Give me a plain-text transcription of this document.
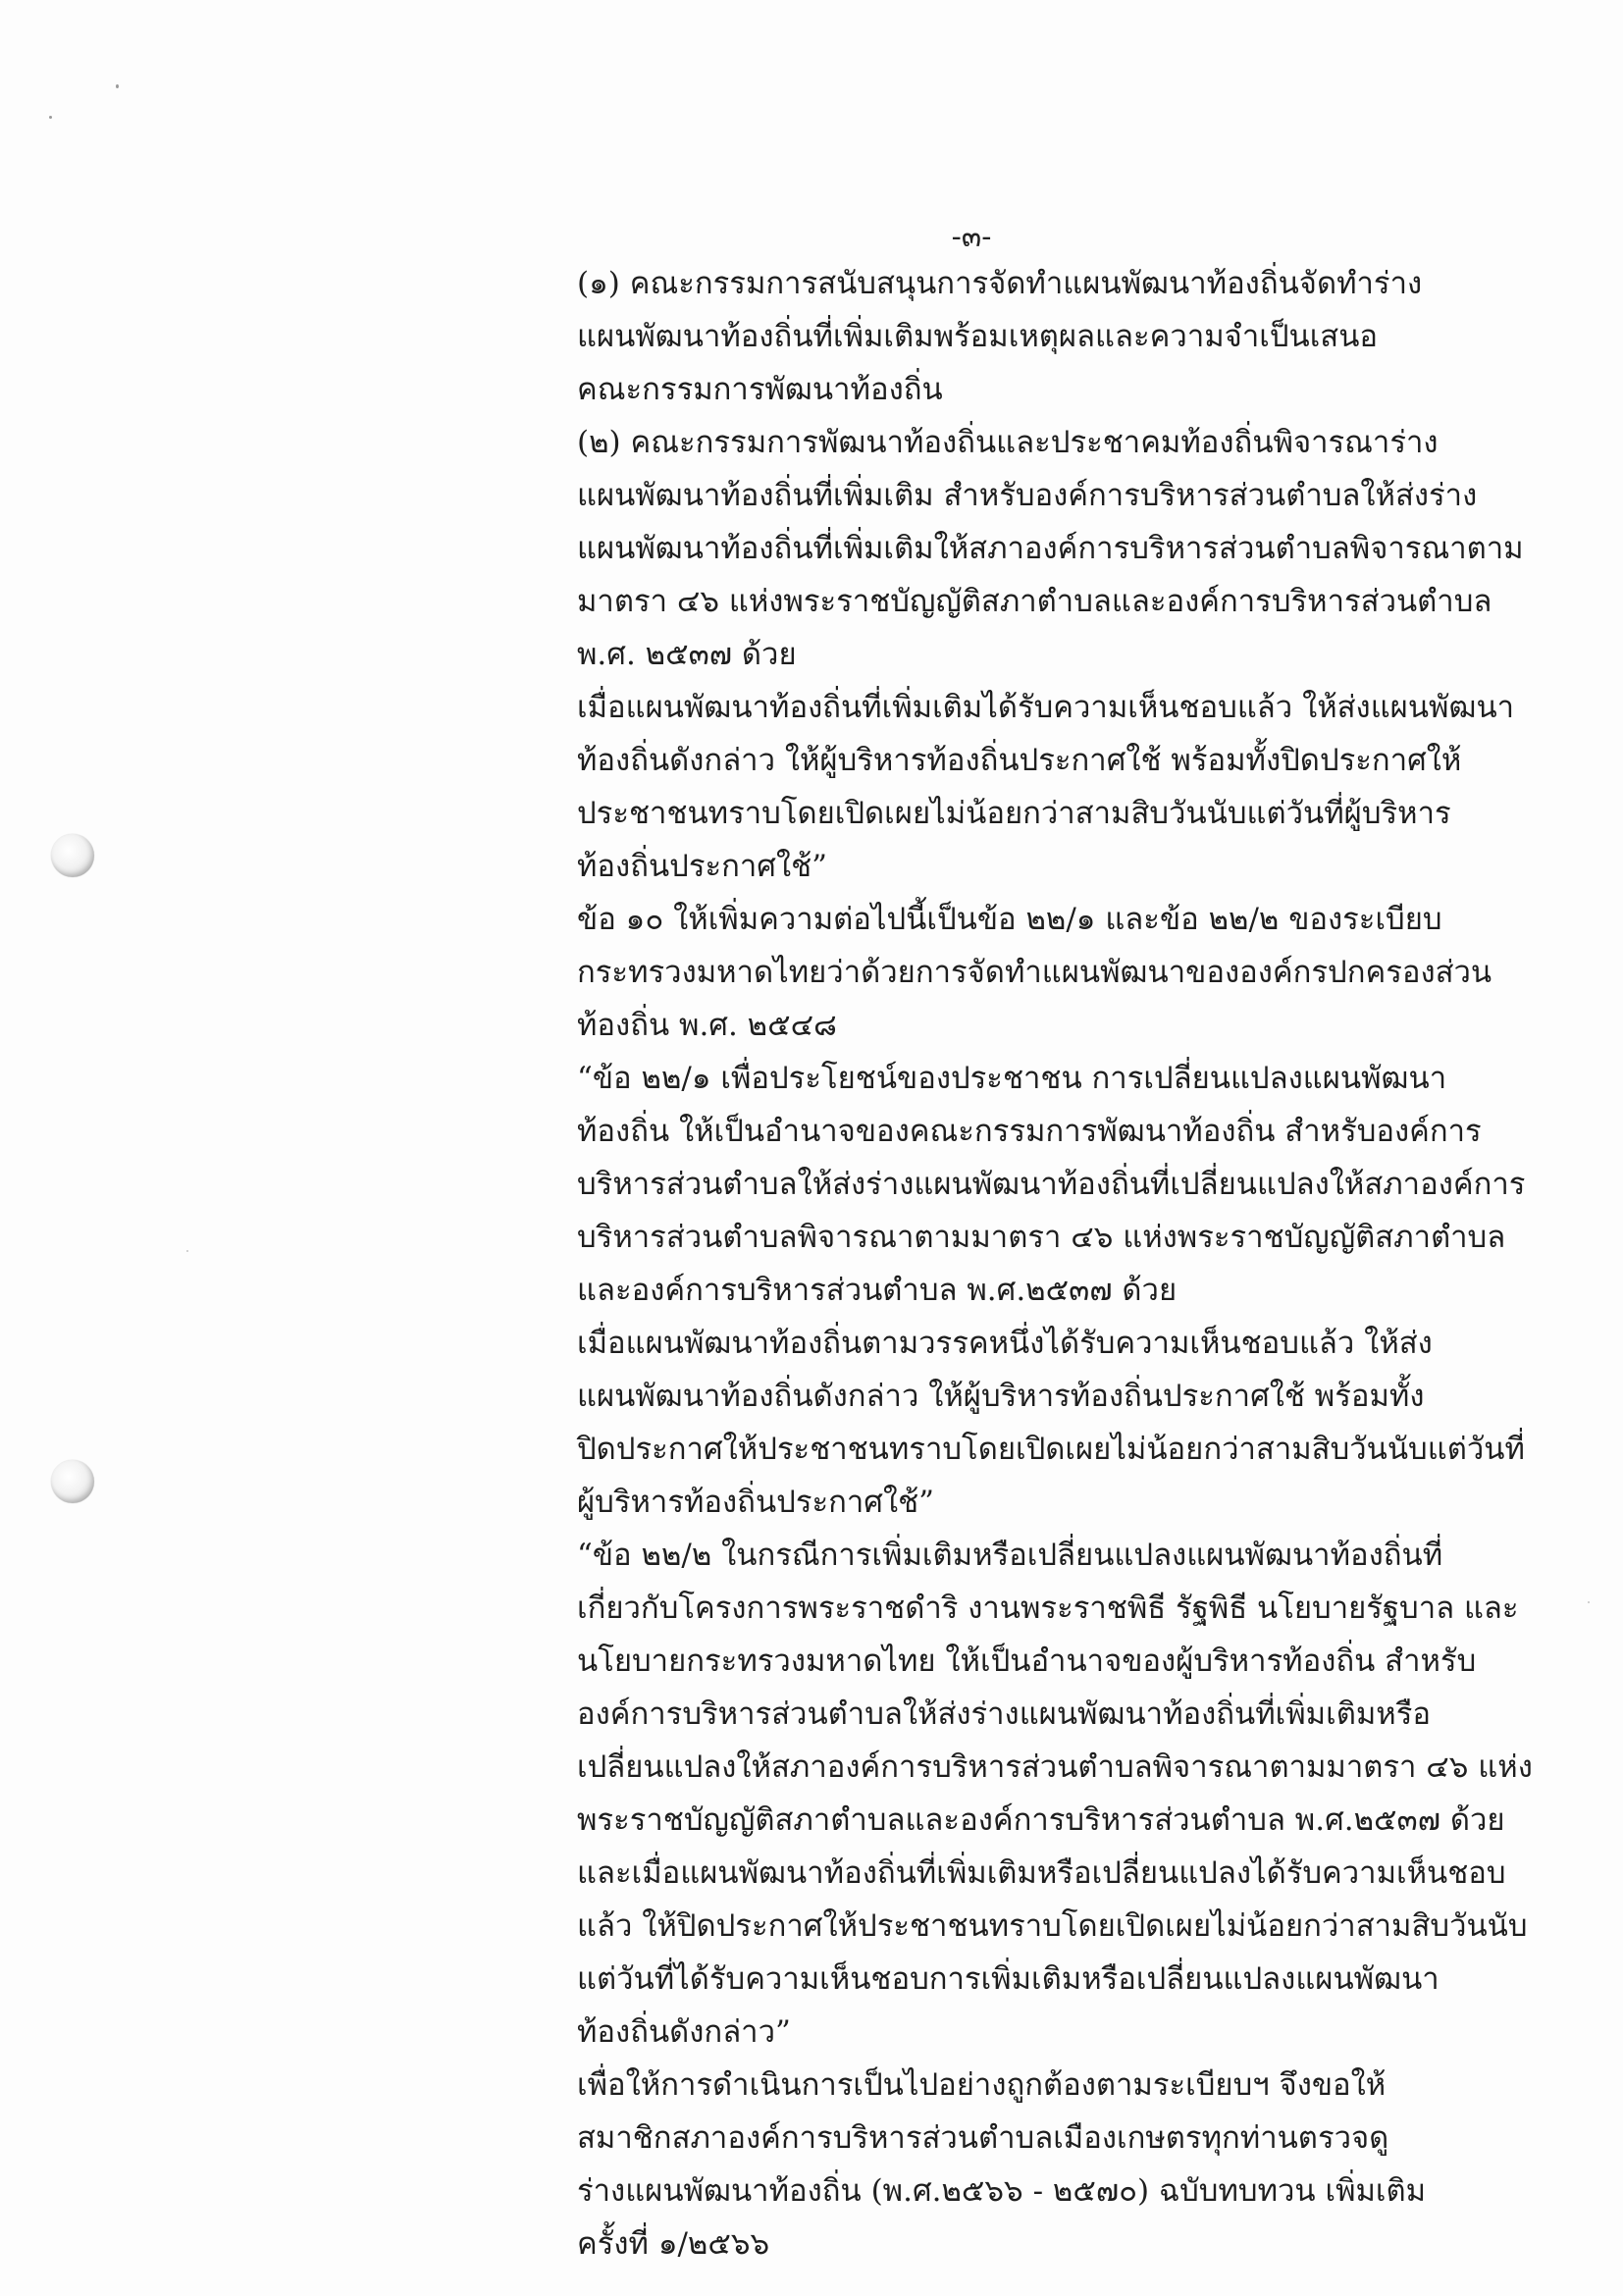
-๓-
(๑) คณะกรรมการสนับสนุนการจัดทำแผนพัฒนาท้องถิ่นจัดทำร่าง
แผนพัฒนาท้องถิ่นที่เพิ่มเติมพร้อมเหตุผลและความจำเป็นเสนอ
คณะกรรมการพัฒนาท้องถิ่น
(๒) คณะกรรมการพัฒนาท้องถิ่นและประชาคมท้องถิ่นพิจารณาร่าง
แผนพัฒนาท้องถิ่นที่เพิ่มเติม สำหรับองค์การบริหารส่วนตำบลให้ส่งร่าง
แผนพัฒนาท้องถิ่นที่เพิ่มเติมให้สภาองค์การบริหารส่วนตำบลพิจารณาตาม
มาตรา ๔๖ แห่งพระราชบัญญัติสภาตำบลและองค์การบริหารส่วนตำบล
พ.ศ. ๒๕๓๗ ด้วย
เมื่อแผนพัฒนาท้องถิ่นที่เพิ่มเติมได้รับความเห็นชอบแล้ว ให้ส่งแผนพัฒนา
ท้องถิ่นดังกล่าว ให้ผู้บริหารท้องถิ่นประกาศใช้ พร้อมทั้งปิดประกาศให้
ประชาชนทราบโดยเปิดเผยไม่น้อยกว่าสามสิบวันนับแต่วันที่ผู้บริหาร
ท้องถิ่นประกาศใช้”
ข้อ ๑๐ ให้เพิ่มความต่อไปนี้เป็นข้อ ๒๒/๑ และข้อ ๒๒/๒ ของระเบียบ
กระทรวงมหาดไทยว่าด้วยการจัดทำแผนพัฒนาขององค์กรปกครองส่วน
ท้องถิ่น พ.ศ. ๒๕๔๘
“ข้อ ๒๒/๑ เพื่อประโยชน์ของประชาชน การเปลี่ยนแปลงแผนพัฒนา
ท้องถิ่น ให้เป็นอำนาจของคณะกรรมการพัฒนาท้องถิ่น สำหรับองค์การ
บริหารส่วนตำบลให้ส่งร่างแผนพัฒนาท้องถิ่นที่เปลี่ยนแปลงให้สภาองค์การ
บริหารส่วนตำบลพิจารณาตามมาตรา ๔๖ แห่งพระราชบัญญัติสภาตำบล
และองค์การบริหารส่วนตำบล พ.ศ.๒๕๓๗ ด้วย
เมื่อแผนพัฒนาท้องถิ่นตามวรรคหนึ่งได้รับความเห็นชอบแล้ว ให้ส่ง
แผนพัฒนาท้องถิ่นดังกล่าว ให้ผู้บริหารท้องถิ่นประกาศใช้ พร้อมทั้ง
ปิดประกาศให้ประชาชนทราบโดยเปิดเผยไม่น้อยกว่าสามสิบวันนับแต่วันที่
ผู้บริหารท้องถิ่นประกาศใช้”
“ข้อ ๒๒/๒ ในกรณีการเพิ่มเติมหรือเปลี่ยนแปลงแผนพัฒนาท้องถิ่นที่
เกี่ยวกับโครงการพระราชดำริ งานพระราชพิธี รัฐพิธี นโยบายรัฐบาล และ
นโยบายกระทรวงมหาดไทย ให้เป็นอำนาจของผู้บริหารท้องถิ่น สำหรับ
องค์การบริหารส่วนตำบลให้ส่งร่างแผนพัฒนาท้องถิ่นที่เพิ่มเติมหรือ
เปลี่ยนแปลงให้สภาองค์การบริหารส่วนตำบลพิจารณาตามมาตรา ๔๖ แห่ง
พระราชบัญญัติสภาตำบลและองค์การบริหารส่วนตำบล พ.ศ.๒๕๓๗ ด้วย
และเมื่อแผนพัฒนาท้องถิ่นที่เพิ่มเติมหรือเปลี่ยนแปลงได้รับความเห็นชอบ
แล้ว ให้ปิดประกาศให้ประชาชนทราบโดยเปิดเผยไม่น้อยกว่าสามสิบวันนับ
แต่วันที่ได้รับความเห็นชอบการเพิ่มเติมหรือเปลี่ยนแปลงแผนพัฒนา
ท้องถิ่นดังกล่าว”
เพื่อให้การดำเนินการเป็นไปอย่างถูกต้องตามระเบียบฯ จึงขอให้
สมาชิกสภาองค์การบริหารส่วนตำบลเมืองเกษตรทุกท่านตรวจดู
ร่างแผนพัฒนาท้องถิ่น (พ.ศ.๒๕๖๖ - ๒๕๗๐) ฉบับทบทวน เพิ่มเติม
ครั้งที่ ๑/๒๕๖๖
